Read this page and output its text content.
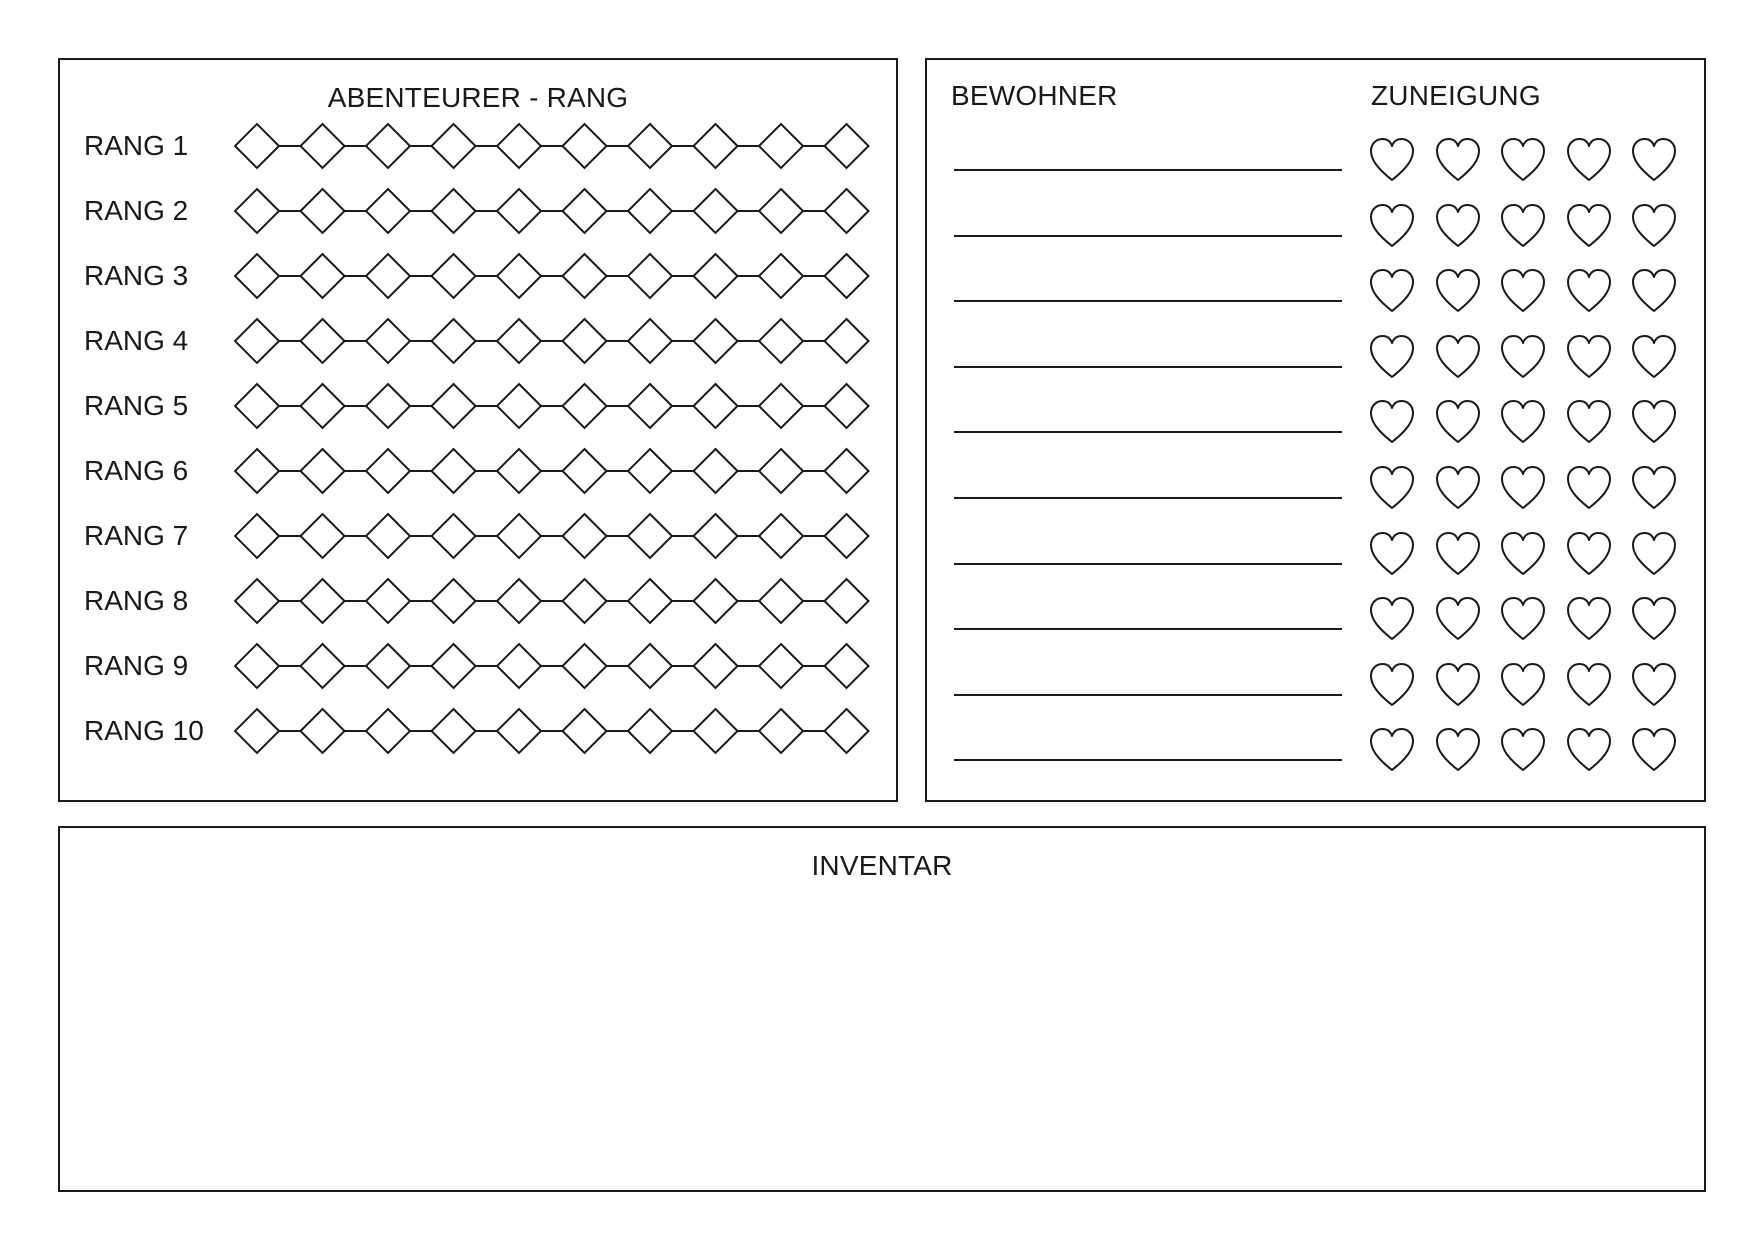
ABENTEURER - RANG
RANG 1
RANG 2
RANG 3
RANG 4
RANG 5
RANG 6
RANG 7
RANG 8
RANG 9
RANG 10
BEWOHNER	ZUNEIGUNG
INVENTAR
